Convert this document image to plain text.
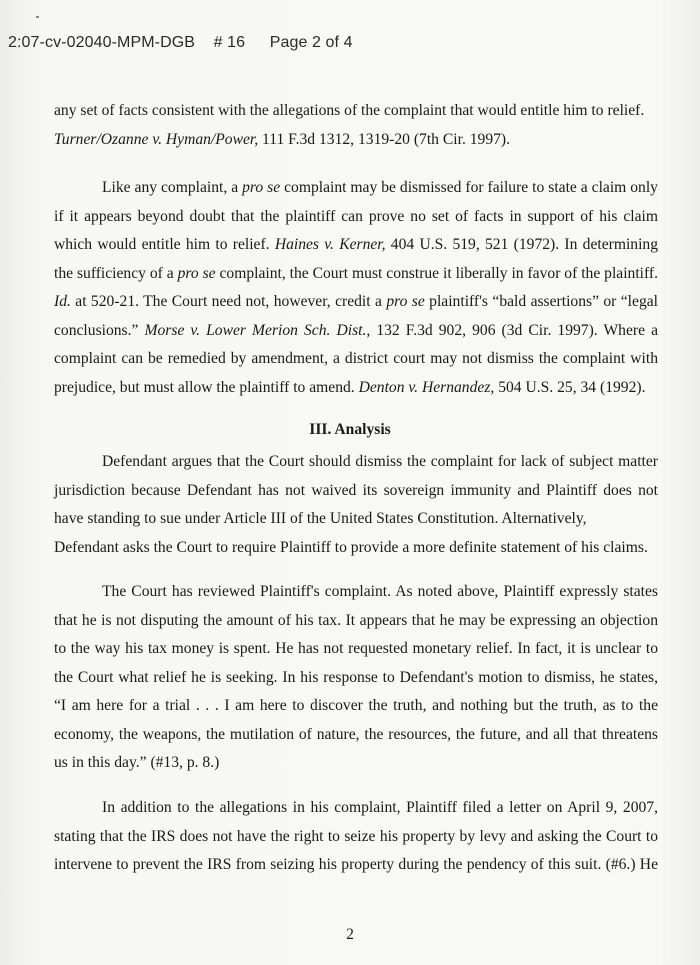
2:07-cv-02040-MPM-DGB # 16 Page 2 of 4
any set of facts consistent with the allegations of the complaint that would entitle him to relief.
Turner/Ozanne v. Hyman/Power, 111 F.3d 1312, 1319-20 (7th Cir. 1997).
Like any complaint, a pro se complaint may be dismissed for failure to state a claim only
if it appears beyond doubt that the plaintiff can prove no set of facts in support of his claim
which would entitle him to relief. Haines v. Kerner, 404 U.S. 519, 521 (1972). In determining
the sufficiency of a pro se complaint, the Court must construe it liberally in favor of the plaintiff.
Id. at 520-21. The Court need not, however, credit a pro se plaintiff's “bald assertions” or “legal
conclusions.” Morse v. Lower Merion Sch. Dist., 132 F.3d 902, 906 (3d Cir. 1997). Where a
complaint can be remedied by amendment, a district court may not dismiss the complaint with
prejudice, but must allow the plaintiff to amend. Denton v. Hernandez, 504 U.S. 25, 34 (1992).
III. Analysis
Defendant argues that the Court should dismiss the complaint for lack of subject matter
jurisdiction because Defendant has not waived its sovereign immunity and Plaintiff does not
have standing to sue under Article III of the United States Constitution. Alternatively,
Defendant asks the Court to require Plaintiff to provide a more definite statement of his claims.
The Court has reviewed Plaintiff's complaint. As noted above, Plaintiff expressly states
that he is not disputing the amount of his tax. It appears that he may be expressing an objection
to the way his tax money is spent. He has not requested monetary relief. In fact, it is unclear to
the Court what relief he is seeking. In his response to Defendant's motion to dismiss, he states,
“I am here for a trial . . . I am here to discover the truth, and nothing but the truth, as to the
economy, the weapons, the mutilation of nature, the resources, the future, and all that threatens
us in this day.” (#13, p. 8.)
In addition to the allegations in his complaint, Plaintiff filed a letter on April 9, 2007,
stating that the IRS does not have the right to seize his property by levy and asking the Court to
intervene to prevent the IRS from seizing his property during the pendency of this suit. (#6.) He
2
